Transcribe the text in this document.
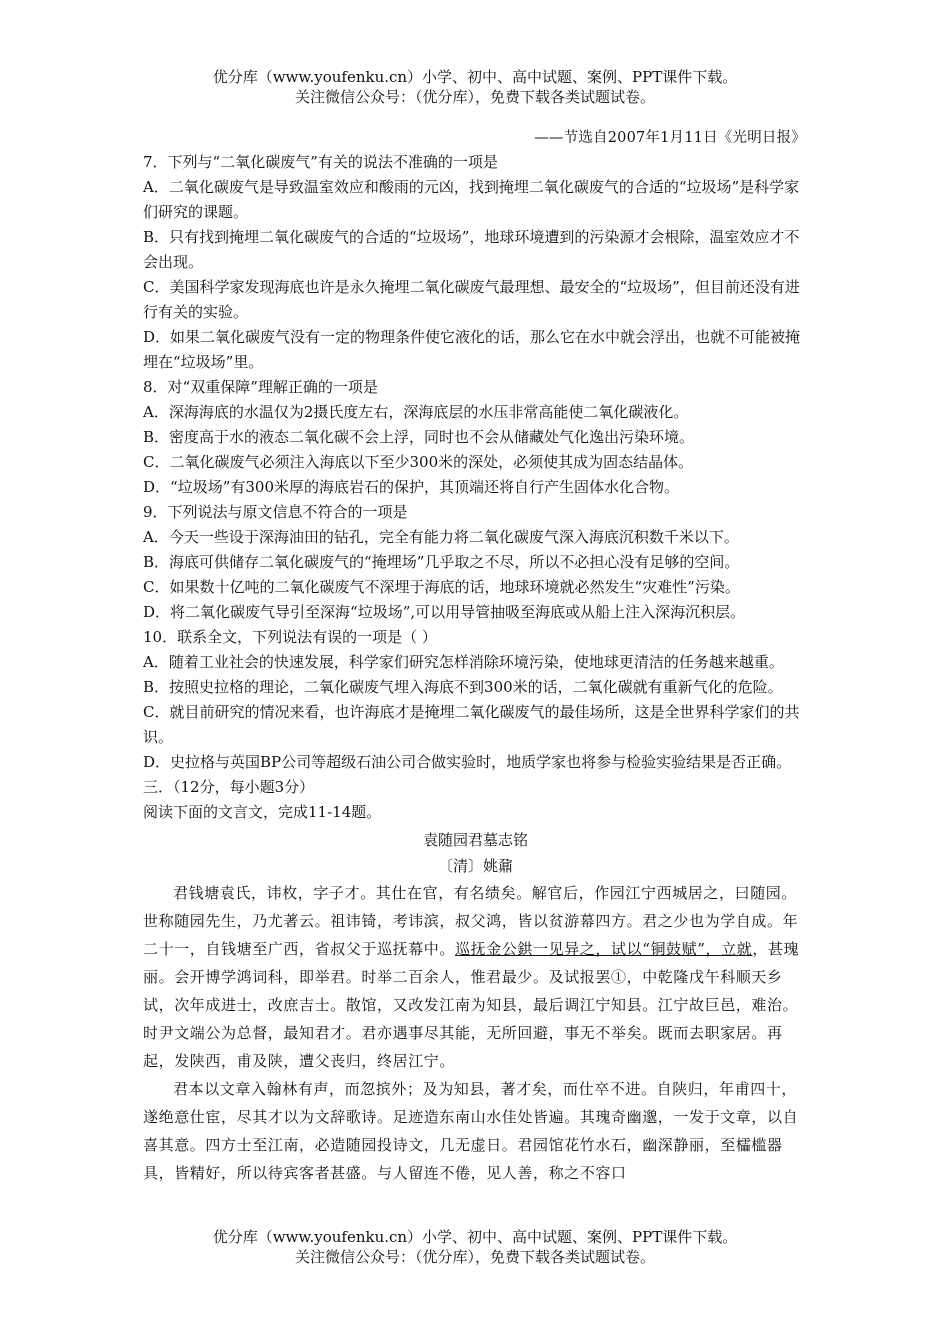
优分库（www.youfenku.cn）小学、初中、高中试题、案例、PPT课件下载。
关注微信公众号：（优分库），免费下载各类试题试卷。

——节选自2007年1月11日《光明日报》

7．下列与“二氧化碳废气”有关的说法不准确的一项是

A．二氧化碳废气是导致温室效应和酸雨的元凶，找到掩埋二氧化碳废气的合适的“垃圾场”是科学家们研究的课题。

B．只有找到掩埋二氧化碳废气的合适的“垃圾场”，地球环境遭到的污染源才会根除，温室效应才不会出现。

C．美国科学家发现海底也许是永久掩埋二氧化碳废气最理想、最安全的“垃圾场”，但目前还没有进行有关的实验。

D．如果二氧化碳废气没有一定的物理条件使它液化的话，那么它在水中就会浮出，也就不可能被掩埋在“垃圾场”里。

8．对“双重保障”理解正确的一项是

A．深海海底的水温仅为2摄氏度左右，深海底层的水压非常高能使二氧化碳液化。

B．密度高于水的液态二氧化碳不会上浮，同时也不会从储藏处气化逸出污染环境。

C．二氧化碳废气必须注入海底以下至少300米的深处，必须使其成为固态结晶体。

D．“垃圾场”有300米厚的海底岩石的保护，其顶端还将自行产生固体水化合物。

9．下列说法与原文信息不符合的一项是

A．今天一些设于深海油田的钻孔，完全有能力将二氧化碳废气深入海底沉积数千米以下。

B．海底可供储存二氧化碳废气的“掩埋场”几乎取之不尽，所以不必担心没有足够的空间。

C．如果数十亿吨的二氧化碳废气不深埋于海底的话，地球环境就必然发生“灾难性”污染。

D．将二氧化碳废气导引至深海“垃圾场”,可以用导管抽吸至海底或从船上注入深海沉积层。

10．联系全文，下列说法有误的一项是（ ）

A．随着工业社会的快速发展，科学家们研究怎样消除环境污染，使地球更清洁的任务越来越重。

B．按照史拉格的理论，二氧化碳废气埋入海底不到300米的话，二氧化碳就有重新气化的危险。

C．就目前研究的情况来看，也许海底才是掩埋二氧化碳废气的最佳场所，这是全世界科学家们的共识。

D．史拉格与英国BP公司等超级石油公司合做实验时，地质学家也将参与检验实验结果是否正确。

三．（12分，每小题3分）

阅读下面的文言文，完成11-14题。

袁随园君墓志铭

〔清〕姚鼐

君钱塘袁氏，讳枚，字子才。其仕在官，有名绩矣。解官后，作园江宁西城居之，曰随园。世称随园先生，乃尤著云。祖讳锜，考讳滨，叔父鸿，皆以贫游幕四方。君之少也为学自成。年二十一，自钱塘至广西，省叔父于巡抚幕中。巡抚金公鉷一见异之，试以“铜鼓赋”，立就，甚瑰丽。会开博学鸿词科，即举君。时举二百余人，惟君最少。及试报罢①，中乾隆戊午科顺天乡试，次年成进士，改庶吉士。散馆，又改发江南为知县，最后调江宁知县。江宁故巨邑，难治。时尹文端公为总督，最知君才。君亦遇事尽其能，无所回避，事无不举矣。既而去职家居。再起，发陕西，甫及陕，遭父丧归，终居江宁。

君本以文章入翰林有声，而忽摈外；及为知县，著才矣，而仕卒不进。自陕归，年甫四十，遂绝意仕宦，尽其才以为文辞歌诗。足迹造东南山水佳处皆遍。其瑰奇幽邈，一发于文章，以自喜其意。四方士至江南，必造随园投诗文，几无虚日。君园馆花竹水石，幽深静丽，至櫺槛器具，皆精好，所以待宾客者甚盛。与人留连不倦，见人善，称之不容口

优分库（www.youfenku.cn）小学、初中、高中试题、案例、PPT课件下载。
关注微信公众号：（优分库），免费下载各类试题试卷。
